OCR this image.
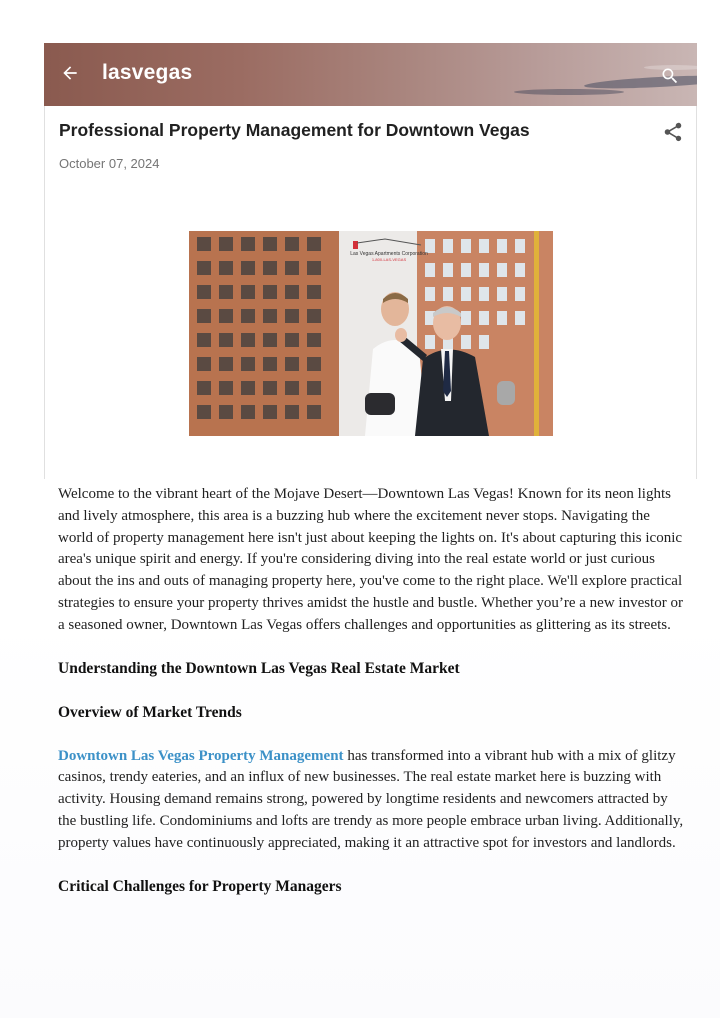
lasvegas
Professional Property Management for Downtown Vegas
October 07, 2024
Las Vegas Apartments Corporation
1-800-LAS-VEGAS

Welcome to the vibrant heart of the Mojave Desert—Downtown Las Vegas! Known for its neon lights and lively atmosphere, this area is a buzzing hub where the excitement never stops. Navigating the world of property management here isn't just about keeping the lights on. It's about capturing this iconic area's unique spirit and energy. If you're considering diving into the real estate world or just curious about the ins and outs of managing property here, you've come to the right place. We'll explore practical strategies to ensure your property thrives amidst the hustle and bustle. Whether you’re a new investor or a seasoned owner, Downtown Las Vegas offers challenges and opportunities as glittering as its streets.

Understanding the Downtown Las Vegas Real Estate Market
Overview of Market Trends

Downtown Las Vegas Property Management has transformed into a vibrant hub with a mix of glitzy casinos, trendy eateries, and an influx of new businesses. The real estate market here is buzzing with activity. Housing demand remains strong, powered by longtime residents and newcomers attracted by the bustling life. Condominiums and lofts are trendy as more people embrace urban living. Additionally, property values have continuously appreciated, making it an attractive spot for investors and landlords.

Critical Challenges for Property Managers
